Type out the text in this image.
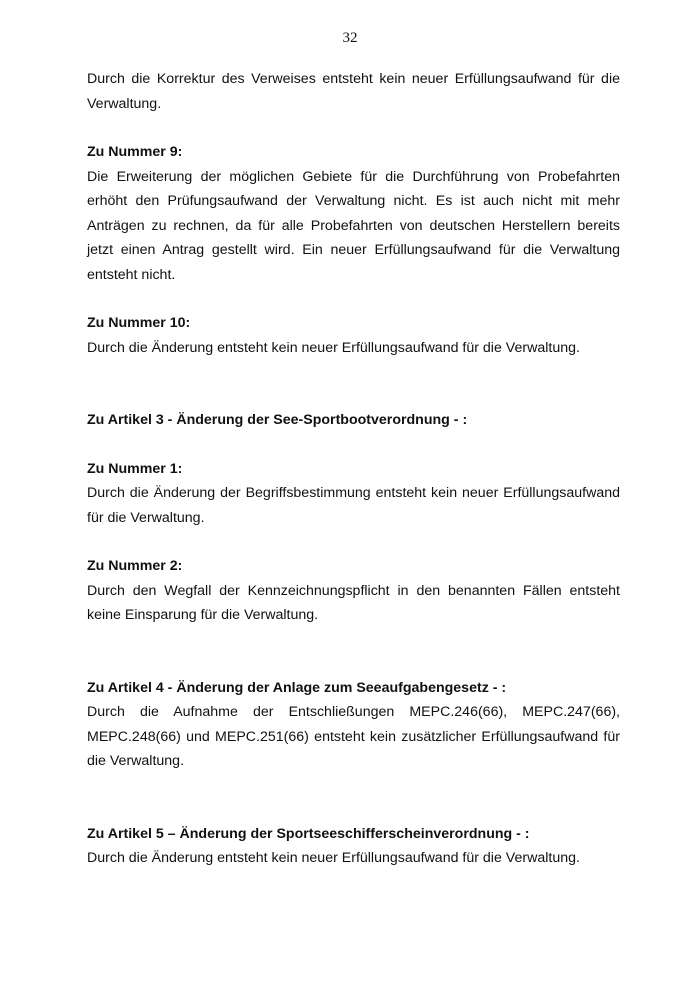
32

Durch die Korrektur des Verweises entsteht kein neuer Erfüllungsaufwand für die Verwaltung.

Zu Nummer 9:

Die Erweiterung der möglichen Gebiete für die Durchführung von Probefahrten erhöht den Prüfungsaufwand der Verwaltung nicht. Es ist auch nicht mit mehr Anträgen zu rechnen, da für alle Probefahrten von deutschen Herstellern bereits jetzt einen Antrag gestellt wird. Ein neuer Erfüllungsaufwand für die Verwaltung entsteht nicht.

Zu Nummer 10:

Durch die Änderung entsteht kein neuer Erfüllungsaufwand für die Verwaltung.

Zu Artikel 3 - Änderung der See-Sportbootverordnung - :

Zu Nummer 1:

Durch die Änderung der Begriffsbestimmung entsteht kein neuer Erfüllungsaufwand für die Verwaltung.

Zu Nummer 2:

Durch den Wegfall der Kennzeichnungspflicht in den benannten Fällen entsteht keine Einsparung für die Verwaltung.

Zu Artikel 4 - Änderung der Anlage zum Seeaufgabengesetz - :

Durch die Aufnahme der Entschließungen MEPC.246(66), MEPC.247(66), MEPC.248(66) und MEPC.251(66) entsteht kein zusätzlicher Erfüllungsaufwand für die Verwaltung.

Zu Artikel 5 – Änderung der Sportseeschifferscheinverordnung - :

Durch die Änderung entsteht kein neuer Erfüllungsaufwand für die Verwaltung.
